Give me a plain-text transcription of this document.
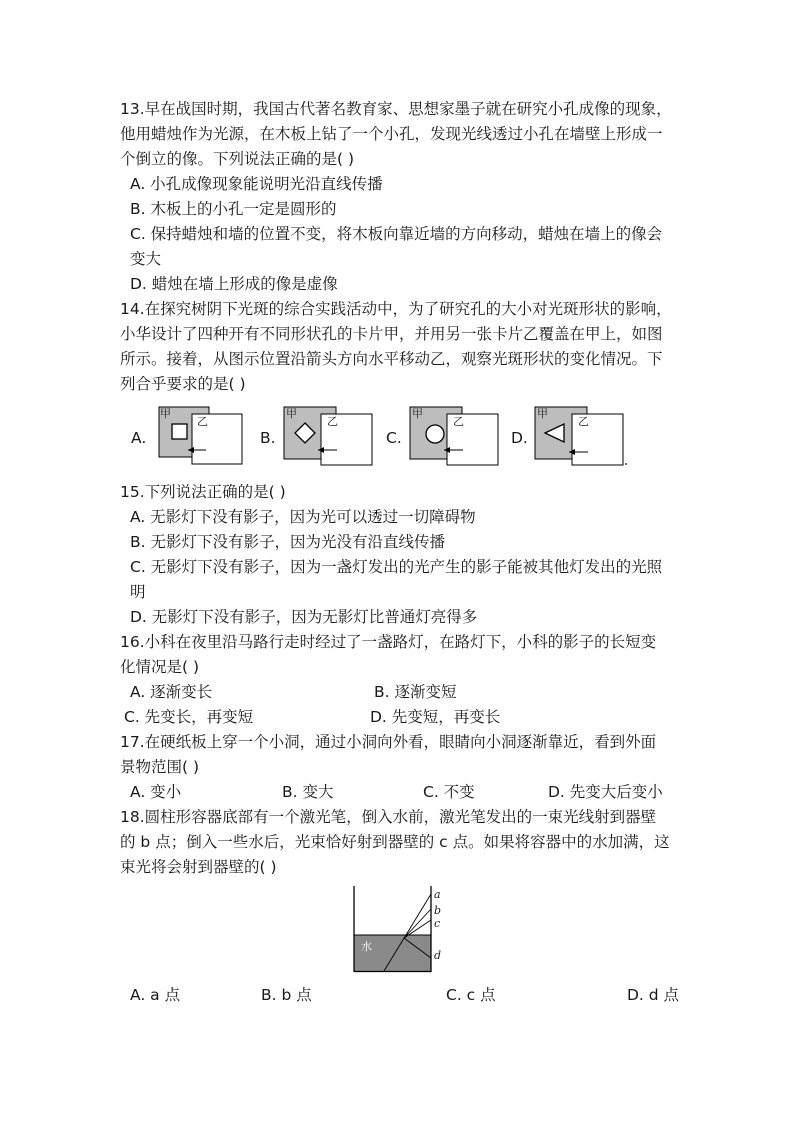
13.早在战国时期，我国古代著名教育家、思想家墨子就在研究小孔成像的现象，
他用蜡烛作为光源，在木板上钻了一个小孔，发现光线透过小孔在墙壁上形成一
个倒立的像。下列说法正确的是( )
A. 小孔成像现象能说明光沿直线传播
B. 木板上的小孔一定是圆形的
C. 保持蜡烛和墙的位置不变，将木板向靠近墙的方向移动，蜡烛在墙上的像会
变大
D. 蜡烛在墙上形成的像是虚像
14.在探究树阴下光斑的综合实践活动中，为了研究孔的大小对光斑形状的影响，
小华设计了四种开有不同形状孔的卡片甲，并用另一张卡片乙覆盖在甲上，如图
所示。接着，从图示位置沿箭头方向水平移动乙，观察光斑形状的变化情况。下
列合乎要求的是( )
A.
甲
乙
B.
甲
乙
C.
甲
乙
D.
甲
乙
15.下列说法正确的是( )
A. 无影灯下没有影子，因为光可以透过一切障碍物
B. 无影灯下没有影子，因为光没有沿直线传播
C. 无影灯下没有影子，因为一盏灯发出的光产生的影子能被其他灯发出的光照
明
D. 无影灯下没有影子，因为无影灯比普通灯亮得多
16.小科在夜里沿马路行走时经过了一盏路灯，在路灯下，小科的影子的长短变
化情况是( )
A. 逐渐变长	B. 逐渐变短
C. 先变长，再变短	D. 先变短，再变长
17.在硬纸板上穿一个小洞，通过小洞向外看，眼睛向小洞逐渐靠近，看到外面
景物范围( )
A. 变小	B. 变大	C. 不变	D. 先变大后变小
18.圆柱形容器底部有一个激光笔，倒入水前，激光笔发出的一束光线射到器壁
的 b 点；倒入一些水后，光束恰好射到器壁的 c 点。如果将容器中的水加满，这
束光将会射到器壁的( )
水
a
b
c
d
A. a 点	B. b 点	C. c 点	D. d 点
